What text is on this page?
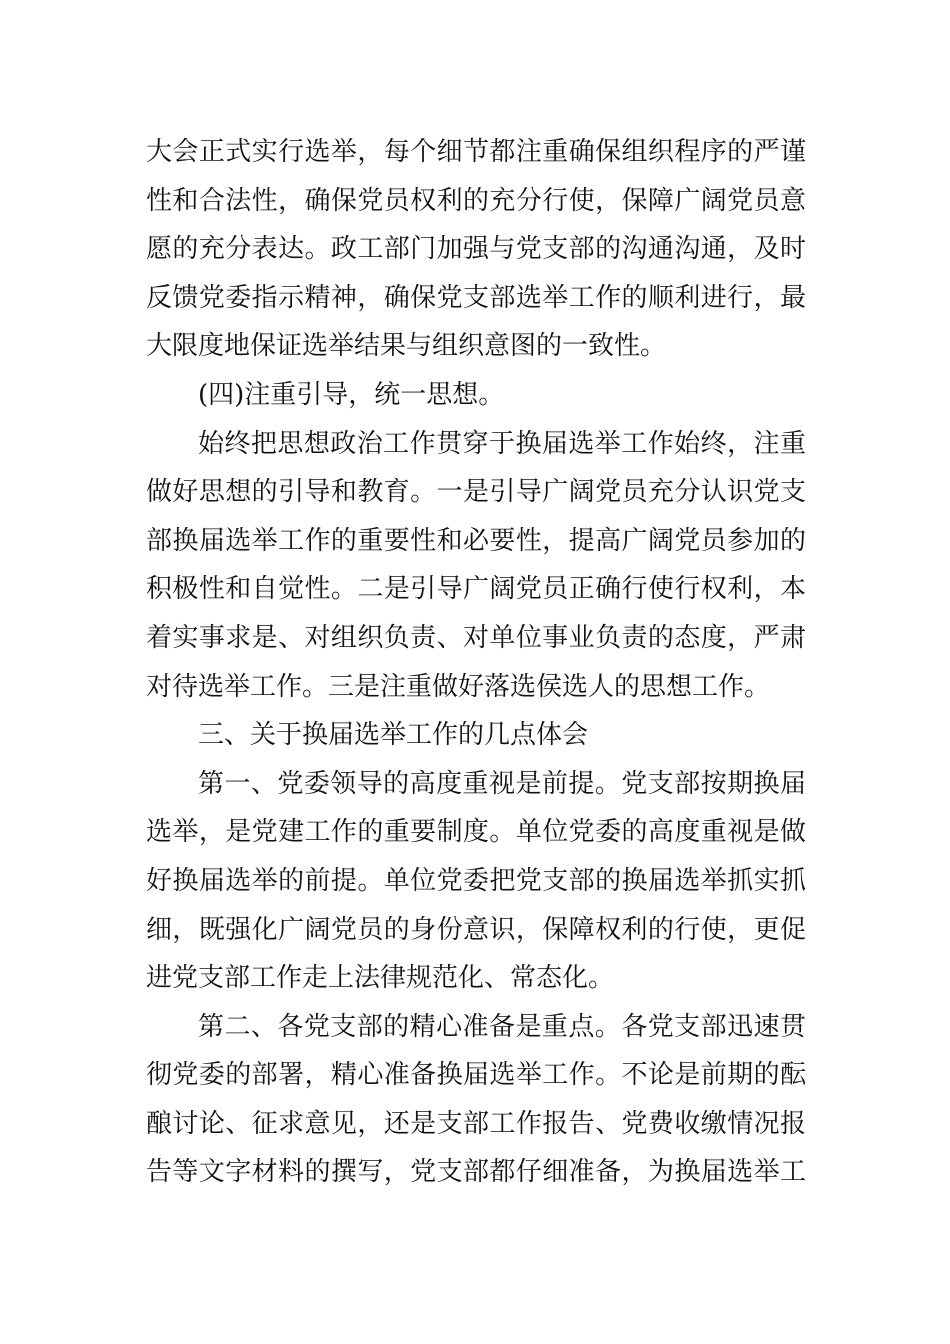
大会正式实行选举，每个细节都注重确保组织程序的严谨
性和合法性，确保党员权利的充分行使，保障广阔党员意
愿的充分表达。政工部门加强与党支部的沟通沟通，及时
反馈党委指示精神，确保党支部选举工作的顺利进行，最
大限度地保证选举结果与组织意图的一致性。
(四)注重引导，统一思想。
始终把思想政治工作贯穿于换届选举工作始终，注重
做好思想的引导和教育。一是引导广阔党员充分认识党支
部换届选举工作的重要性和必要性，提高广阔党员参加的
积极性和自觉性。二是引导广阔党员正确行使行权利，本
着实事求是、对组织负责、对单位事业负责的态度，严肃
对待选举工作。三是注重做好落选侯选人的思想工作。
三、关于换届选举工作的几点体会
第一、党委领导的高度重视是前提。党支部按期换届
选举，是党建工作的重要制度。单位党委的高度重视是做
好换届选举的前提。单位党委把党支部的换届选举抓实抓
细，既强化广阔党员的身份意识，保障权利的行使，更促
进党支部工作走上法律规范化、常态化。
第二、各党支部的精心准备是重点。各党支部迅速贯
彻党委的部署，精心准备换届选举工作。不论是前期的酝
酿讨论、征求意见，还是支部工作报告、党费收缴情况报
告等文字材料的撰写，党支部都仔细准备，为换届选举工
